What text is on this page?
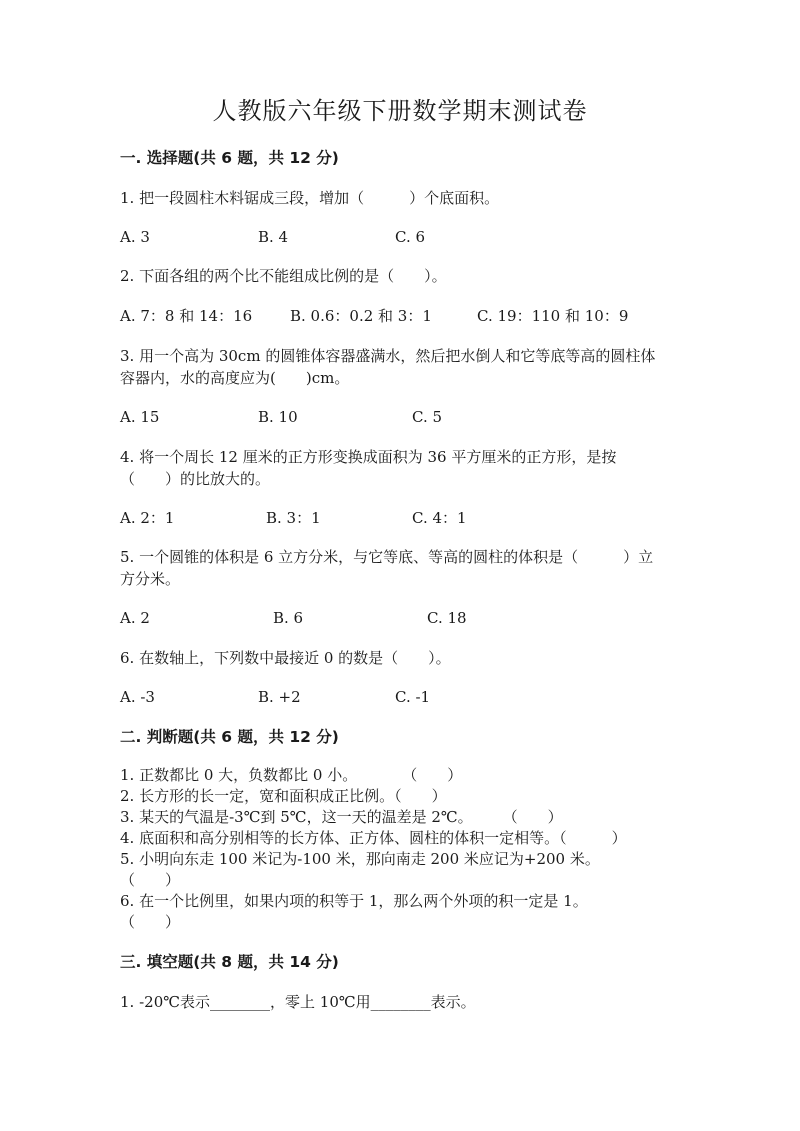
人教版六年级下册数学期末测试卷
一. 选择题(共 6 题，共 12 分)
1. 把一段圆柱木料锯成三段，增加（　　　）个底面积。
A. 3	B. 4	C. 6
2. 下面各组的两个比不能组成比例的是（　　）。
A. 7：8 和 14：16	B. 0.6：0.2 和 3：1	C. 19：110 和 10：9
3. 用一个高为 30cm 的圆锥体容器盛满水，然后把水倒人和它等底等高的圆柱体
容器内，水的高度应为(　　)cm。
A. 15	B. 10	C. 5
4. 将一个周长 12 厘米的正方形变换成面积为 36 平方厘米的正方形，是按
（　　）的比放大的。
A. 2：1	B. 3：1	C. 4：1
5. 一个圆锥的体积是 6 立方分米，与它等底、等高的圆柱的体积是（　　　）立
方分米。
A. 2	B. 6	C. 18
6. 在数轴上，下列数中最接近 0 的数是（　　）。
A. -3	B. +2	C. -1
二. 判断题(共 6 题，共 12 分)
1. 正数都比 0 大，负数都比 0 小。　　　　（　　）
2. 长方形的长一定，宽和面积成正比例。（　　）
3. 某天的气温是-3℃到 5℃，这一天的温差是 2℃。　　　（　　）
4. 底面积和高分别相等的长方体、正方体、圆柱的体积一定相等。（　　　）
5. 小明向东走 100 米记为-100 米，那向南走 200 米应记为+200 米。
（　　）
6. 在一个比例里，如果内项的积等于 1，那么两个外项的积一定是 1。
（　　）
三. 填空题(共 8 题，共 14 分)
1. -20℃表示________，零上 10℃用________表示。
